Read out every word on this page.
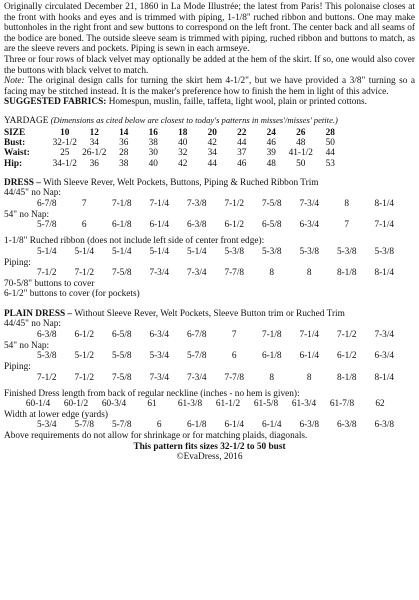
Originally circulated December 21, 1860 in La Mode Illustrée; the latest from Paris! This polonaise closes at the front with hooks and eyes and is trimmed with piping, 1-1/8" ruched ribbon and buttons. One may make buttonholes in the right front and sew buttons to correspond on the left front. The center back and all seams of the bodice are boned. The outside sleeve seam is trimmed with piping, ruched ribbon and buttons to match, as are the sleeve revers and pockets. Piping is sewn in each armseye.
Three or four rows of black velvet may optionally be added at the hem of the skirt. If so, one would also cover the buttons with black velvet to match.
Note: The original design calls for turning the skirt hem 4-1/2", but we have provided a 3/8" turning so a facing may be stitched instead. It is the maker's preference how to finish the hem in light of this advice.
SUGGESTED FABRICS: Homespun, muslin, faille, taffeta, light wool, plain or printed cottons.

YARDAGE (Dimensions as cited below are closest to today's patterns in misses'/misses' petite.)
SIZE	10	12	14	16	18	20	22	24	26	28
Bust:	32-1/2	34	36	38	40	42	44	46	48	50
Waist:	25	26-1/2	28	30	32	34	37	39	41-1/2	44
Hip:	34-1/2	36	38	40	42	44	46	48	50	53
DRESS – With Sleeve Rever, Welt Pockets, Buttons, Piping & Ruched Ribbon Trim
44/45" no Nap:
6-7/8	7	7-1/8	7-1/4	7-3/8	7-1/2	7-5/8	7-3/4	8	8-1/4
54" no Nap:
5-7/8	6	6-1/8	6-1/4	6-3/8	6-1/2	6-5/8	6-3/4	7	7-1/4
1-1/8" Ruched ribbon (does not include left side of center front edge):
5-1/4	5-1/4	5-1/4	5-1/4	5-1/4	5-3/8	5-3/8	5-3/8	5-3/8	5-3/8
Piping:
7-1/2	7-1/2	7-5/8	7-3/4	7-3/4	7-7/8	8	8	8-1/8	8-1/4
70-5/8" buttons to cover
6-1/2" buttons to cover (for pockets)
PLAIN DRESS – Without Sleeve Rever, Welt Pockets, Sleeve Button trim or Ruched Trim
44/45" no Nap:
6-3/8	6-1/2	6-5/8	6-3/4	6-7/8	7	7-1/8	7-1/4	7-1/2	7-3/4
54" no Nap:
5-3/8	5-1/2	5-5/8	5-3/4	5-7/8	6	6-1/8	6-1/4	6-1/2	6-3/4
Piping:
7-1/2	7-1/2	7-5/8	7-3/4	7-3/4	7-7/8	8	8	8-1/8	8-1/4
Finished Dress length from back of regular neckline (inches - no hem is given):
60-1/4	60-1/2	60-3/4	61	61-3/8	61-1/2	61-5/8	61-3/4	61-7/8	62
Width at lower edge (yards)
5-3/4	5-7/8	5-7/8	6	6-1/8	6-1/4	6-1/4	6-3/8	6-3/8	6-3/8
Above requirements do not allow for shrinkage or for matching plaids, diagonals.
This pattern fits sizes 32-1/2 to 50 bust
©EvaDress, 2016
